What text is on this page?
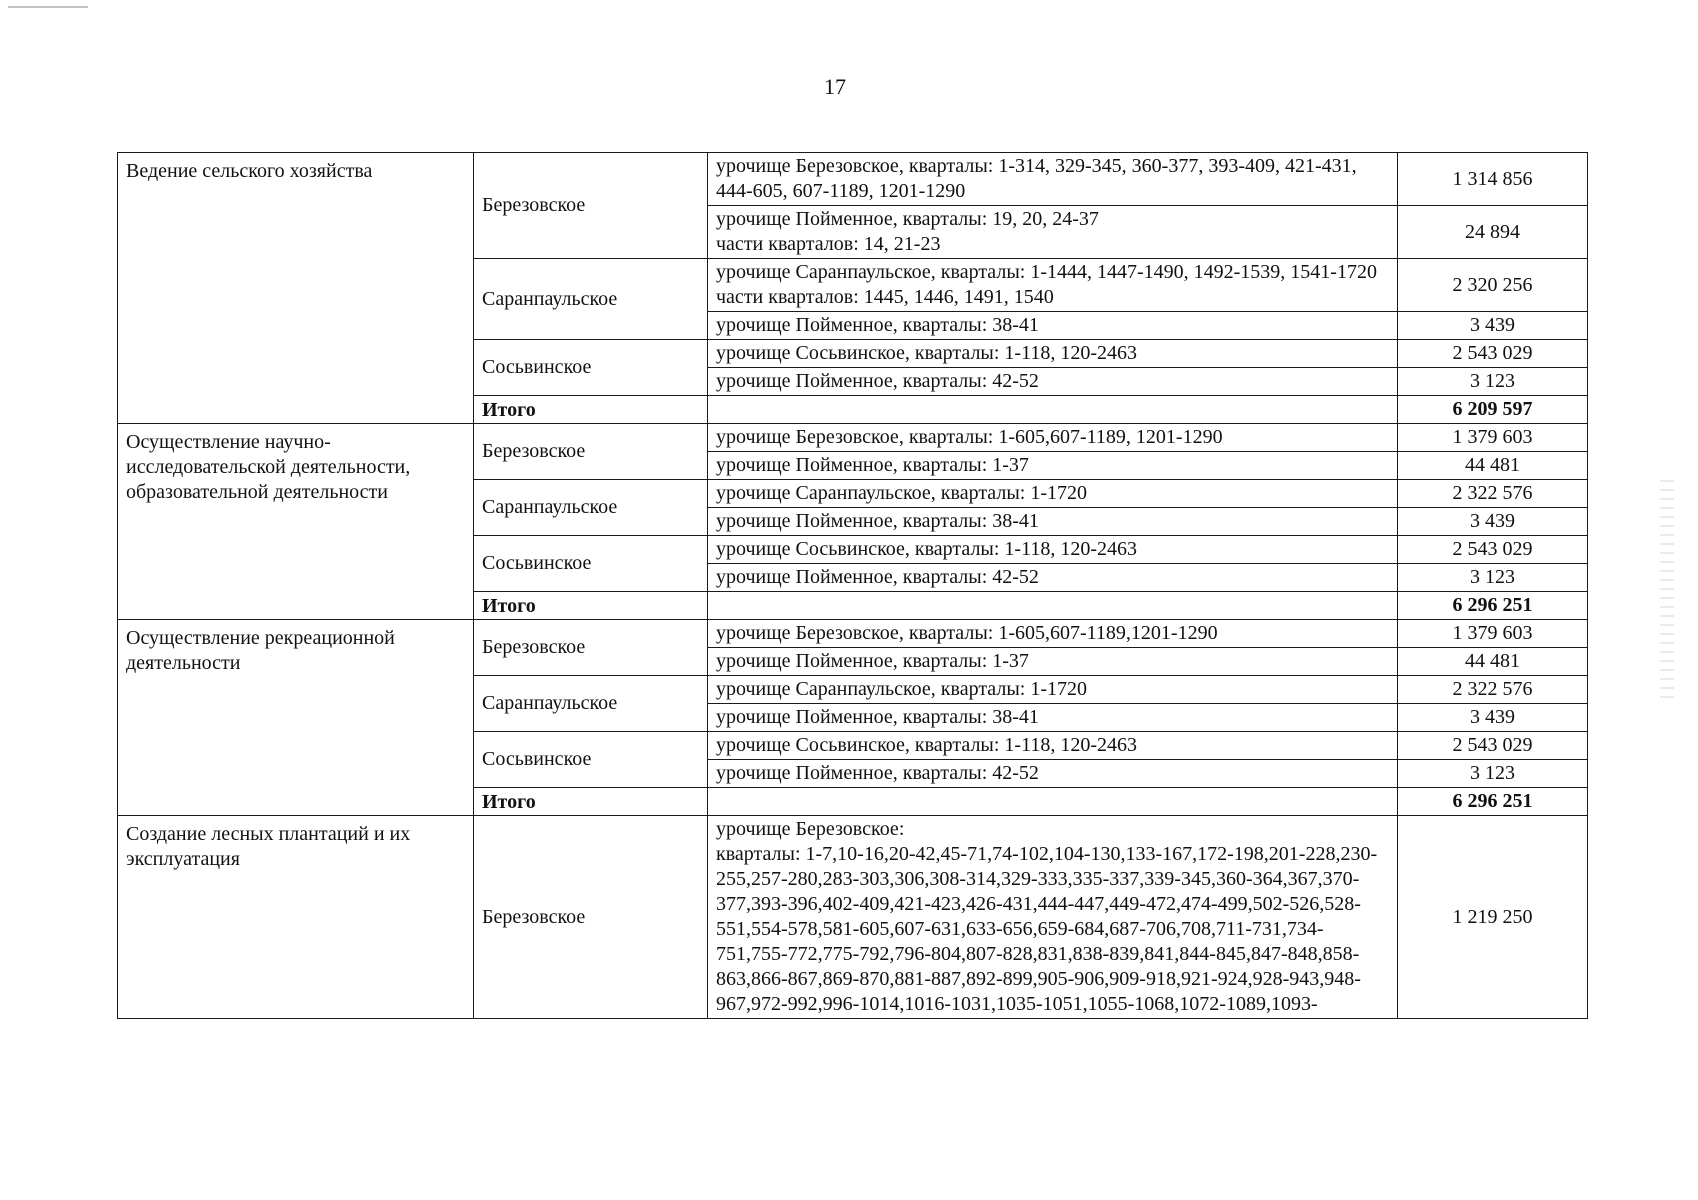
17
Ведение сельского хозяйства	Березовское	урочище Березовское, кварталы: 1-314, 329-345, 360-377, 393-409, 421-431, 444-605, 607-1189, 1201-1290	1 314 856
		урочище Пойменное, кварталы: 19, 20, 24-37
части кварталов: 14, 21-23	24 894
	Саранпаульское	урочище Саранпаульское, кварталы: 1-1444, 1447-1490, 1492-1539, 1541-1720
части кварталов: 1445, 1446, 1491, 1540	2 320 256
		урочище Пойменное, кварталы: 38-41	3 439
	Сосьвинское	урочище Сосьвинское, кварталы: 1-118, 120-2463	2 543 029
		урочище Пойменное, кварталы: 42-52	3 123
	Итого		6 209 597
Осуществление научно-исследовательской деятельности, образовательной деятельности	Березовское	урочище Березовское, кварталы: 1-605,607-1189, 1201-1290	1 379 603
		урочище Пойменное, кварталы: 1-37	44 481
	Саранпаульское	урочище Саранпаульское, кварталы: 1-1720	2 322 576
		урочище Пойменное, кварталы: 38-41	3 439
	Сосьвинское	урочище Сосьвинское, кварталы: 1-118, 120-2463	2 543 029
		урочище Пойменное, кварталы: 42-52	3 123
	Итого		6 296 251
Осуществление рекреационной деятельности	Березовское	урочище Березовское, кварталы: 1-605,607-1189,1201-1290	1 379 603
		урочище Пойменное, кварталы: 1-37	44 481
	Саранпаульское	урочище Саранпаульское, кварталы: 1-1720	2 322 576
		урочище Пойменное, кварталы: 38-41	3 439
	Сосьвинское	урочище Сосьвинское, кварталы: 1-118, 120-2463	2 543 029
		урочище Пойменное, кварталы: 42-52	3 123
	Итого		6 296 251
Создание лесных плантаций и их эксплуатация	Березовское	урочище Березовское:
кварталы: 1-7,10-16,20-42,45-71,74-102,104-130,133-167,172-198,201-228,230-255,257-280,283-303,306,308-314,329-333,335-337,339-345,360-364,367,370-377,393-396,402-409,421-423,426-431,444-447,449-472,474-499,502-526,528-551,554-578,581-605,607-631,633-656,659-684,687-706,708,711-731,734-751,755-772,775-792,796-804,807-828,831,838-839,841,844-845,847-848,858-863,866-867,869-870,881-887,892-899,905-906,909-918,921-924,928-943,948-967,972-992,996-1014,1016-1031,1035-1051,1055-1068,1072-1089,1093-	1 219 250
